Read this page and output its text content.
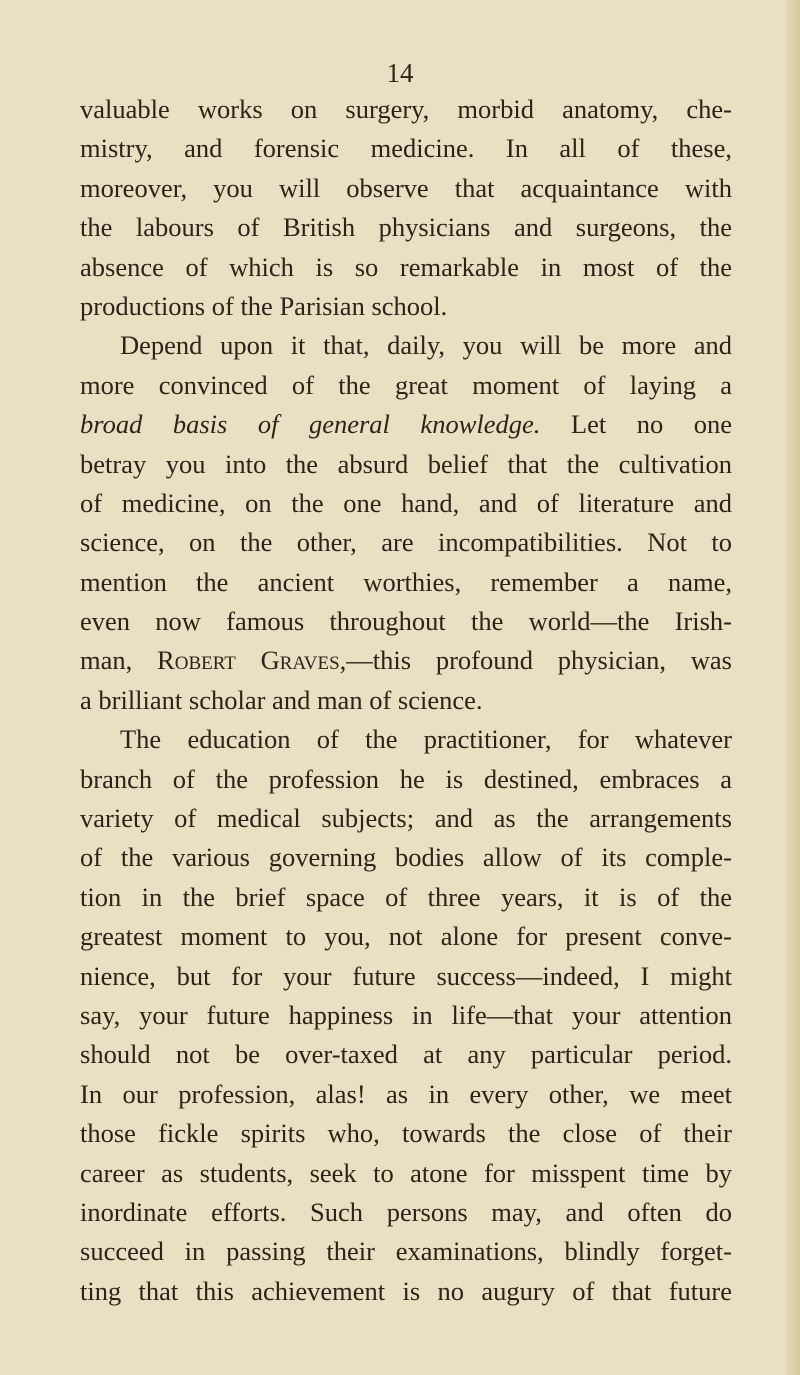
14
valuable works on surgery, morbid anatomy, che-
mistry, and forensic medicine. In all of these,
moreover, you will observe that acquaintance with
the labours of British physicians and surgeons, the
absence of which is so remarkable in most of the
productions of the Parisian school.
Depend upon it that, daily, you will be more and
more convinced of the great moment of laying a
broad basis of general knowledge. Let no one
betray you into the absurd belief that the cultivation
of medicine, on the one hand, and of literature and
science, on the other, are incompatibilities. Not to
mention the ancient worthies, remember a name,
even now famous throughout the world—the Irish-
man, Robert Graves,—this profound physician, was
a brilliant scholar and man of science.
The education of the practitioner, for whatever
branch of the profession he is destined, embraces a
variety of medical subjects; and as the arrangements
of the various governing bodies allow of its comple-
tion in the brief space of three years, it is of the
greatest moment to you, not alone for present conve-
nience, but for your future success—indeed, I might
say, your future happiness in life—that your attention
should not be over-taxed at any particular period.
In our profession, alas! as in every other, we meet
those fickle spirits who, towards the close of their
career as students, seek to atone for misspent time by
inordinate efforts. Such persons may, and often do
succeed in passing their examinations, blindly forget-
ting that this achievement is no augury of that future
